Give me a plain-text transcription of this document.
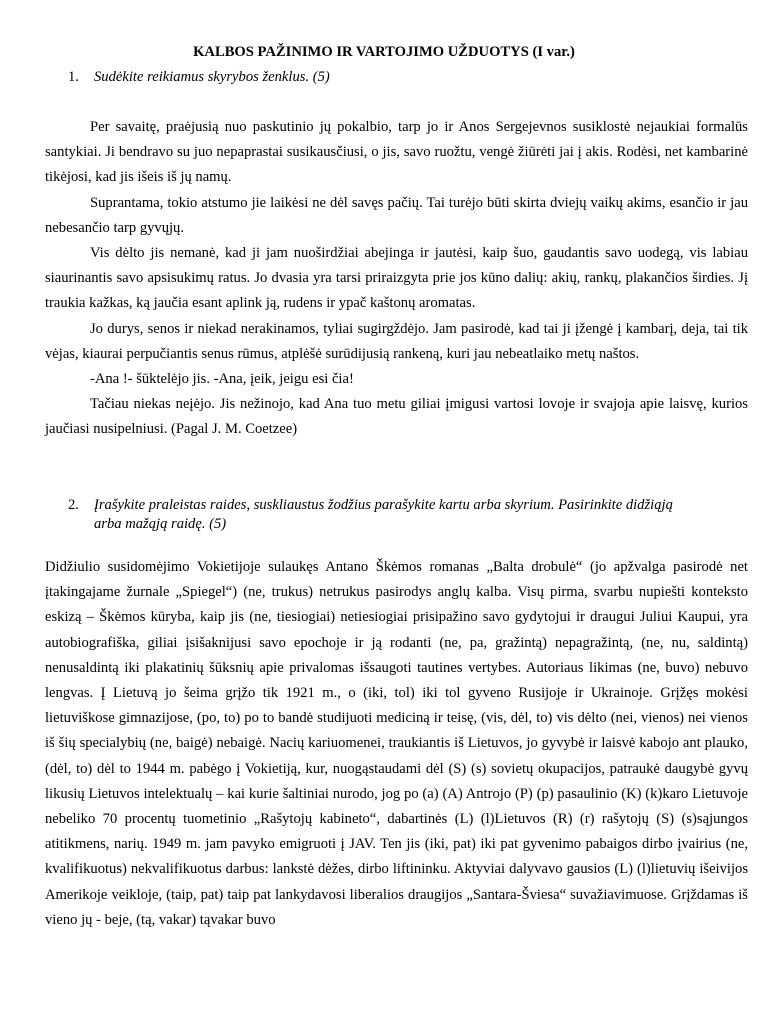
KALBOS PAŽINIMO IR VARTOJIMO UŽDUOTYS (I var.)
1. Sudėkite reikiamus skyrybos ženklus. (5)

Per savaitę, praėjusią nuo paskutinio jų pokalbio, tarp jo ir Anos Sergejevnos susiklostė nejaukiai formalūs santykiai. Ji bendravo su juo nepaprastai susikausčiusi, o jis, savo ruožtu, vengė žiūrėti jai į akis. Rodėsi, net kambarinė tikėjosi, kad jis išeis iš jų namų.

Suprantama, tokio atstumo jie laikėsi ne dėl savęs pačių. Tai turėjo būti skirta dviejų vaikų akims, esančio ir jau nebesančio tarp gyvųjų.

Vis dėlto jis nemanė, kad ji jam nuoširdžiai abejinga ir jautėsi, kaip šuo, gaudantis savo uodegą, vis labiau siaurinantis savo apsisukimų ratus. Jo dvasia yra tarsi priraizgyta prie jos kūno dalių: akių, rankų, plakančios širdies. Jį traukia kažkas, ką jaučia esant aplink ją, rudens ir ypač kaštonų aromatas.

Jo durys, senos ir niekad nerakinamos, tyliai sugirgždėjo. Jam pasirodė, kad tai ji įžengė į kambarį, deja, tai tik vėjas, kiaurai perpučiantis senus rūmus, atplėšė surūdijusią rankeną, kuri jau nebeatlaiko metų naštos.

-Ana !- šūktelėjo jis. -Ana, įeik, jeigu esi čia!

Tačiau niekas neįėjo. Jis nežinojo, kad Ana tuo metu giliai įmigusi vartosi lovoje ir svajoja apie laisvę, kurios jaučiasi nusipelniusi. (Pagal J. M. Coetzee)

2. Įrašykite praleistas raides, suskliaustus žodžius parašykite kartu arba skyrium. Pasirinkite didžiąją
arba mažąją raidę. (5)

Didžiulio susidomėjimo Vokietijoje sulaukęs Antano Škėmos romanas „Balta drobulė“ (jo apžvalga pasirodė net įtakingajame žurnale „Spiegel“) (ne, trukus) netrukus pasirodys anglų kalba. Visų pirma, svarbu nupiešti konteksto eskizą – Škėmos kūryba, kaip jis (ne, tiesiogiai) netiesiogiai prisipažino savo gydytojui ir draugui Juliui Kaupui, yra autobiografiška, giliai įsišaknijusi savo epochoje ir ją rodanti (ne, pa, gražintą) nepagražintą, (ne, nu, saldintą) nenusaldintą iki plakatinių šūksnių apie privalomas išsaugoti tautines vertybes. Autoriaus likimas (ne, buvo) nebuvo lengvas. Į Lietuvą jo šeima grįžo tik 1921 m., o (iki, tol) iki tol gyveno Rusijoje ir Ukrainoje. Grįžęs mokėsi lietuviškose gimnazijose, (po, to) po to bandė studijuoti mediciną ir teisę, (vis, dėl, to) vis dėlto (nei, vienos) nei vienos iš šių specialybių (ne, baigė) nebaigė. Nacių kariuomenei, traukiantis iš Lietuvos, jo gyvybė ir laisvė kabojo ant plauko, (dėl, to) dėl to 1944 m. pabėgo į Vokietiją, kur, nuogąstaudami dėl (S) (s) sovietų okupacijos, patraukė daugybė gyvų likusių Lietuvos intelektualų – kai kurie šaltiniai nurodo, jog po (a) (A) Antrojo (P) (p) pasaulinio (K) (k)karo Lietuvoje nebeliko 70 procentų tuometinio „Rašytojų kabineto“, dabartinės (L) (l)Lietuvos (R) (r) rašytojų (S) (s)sąjungos atitikmens, narių. 1949 m. jam pavyko emigruoti į JAV. Ten jis (iki, pat) iki pat gyvenimo pabaigos dirbo įvairius (ne, kvalifikuotus) nekvalifikuotus darbus: lankstė dėžes, dirbo liftininku. Aktyviai dalyvavo gausios (L) (l)lietuvių išeivijos Amerikoje veikloje, (taip, pat) taip pat lankydavosi liberalios draugijos „Santara-Šviesa“ suvažiavimuose. Grįždamas iš vieno jų - beje, (tą, vakar) tąvakar buvo
